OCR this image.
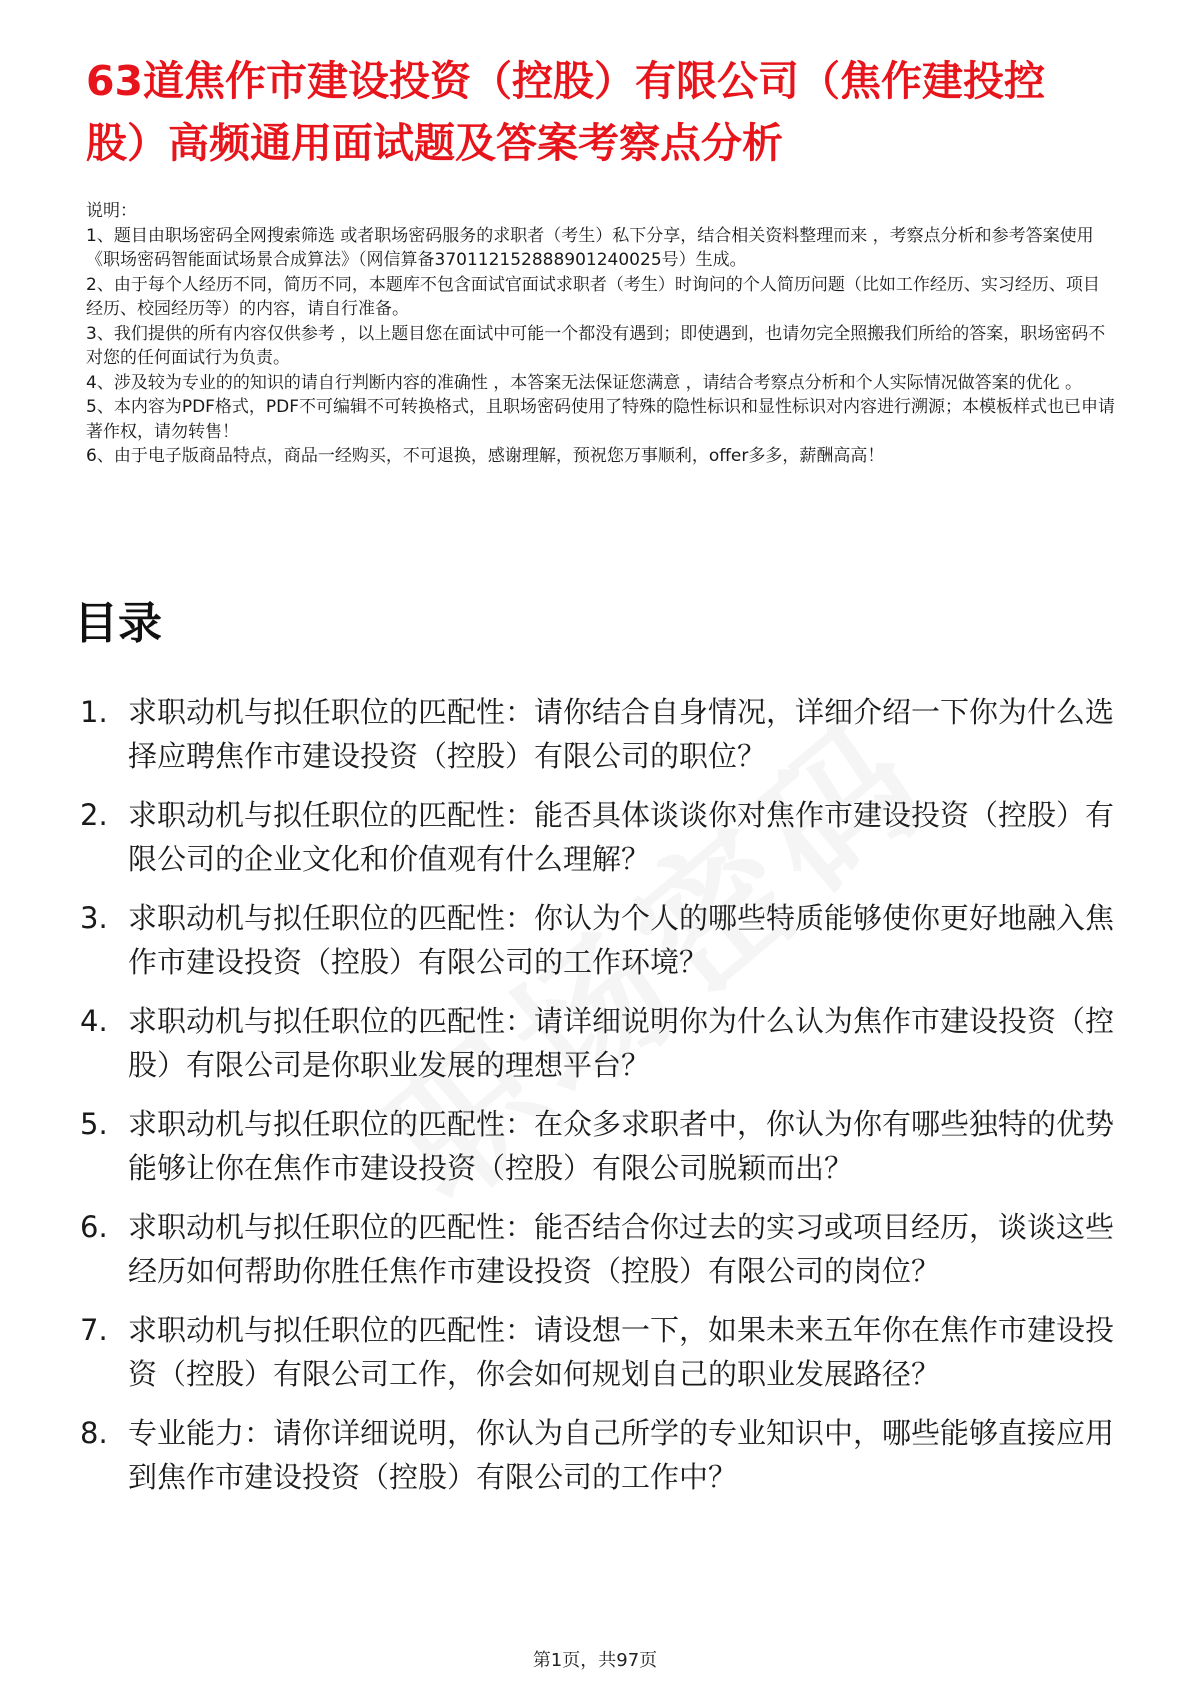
63道焦作市建设投资（控股）有限公司（焦作建投控股）高频通用面试题及答案考察点分析

说明：

1、题目由职场密码全网搜索筛选 或者职场密码服务的求职者（考生）私下分享，结合相关资料整理而来 ，考察点分析和参考答案使用《职场密码智能面试场景合成算法》（网信算备370112152888901240025号）生成。

2、由于每个人经历不同，简历不同，本题库不包含面试官面试求职者（考生）时询问的个人简历问题（比如工作经历、实习经历、项目经历、校园经历等）的内容，请自行准备。

3、我们提供的所有内容仅供参考 ，以上题目您在面试中可能一个都没有遇到；即使遇到，也请勿完全照搬我们所给的答案，职场密码不对您的任何面试行为负责。

4、涉及较为专业的的知识的请自行判断内容的准确性 ，本答案无法保证您满意 ，请结合考察点分析和个人实际情况做答案的优化 。

5、本内容为PDF格式，PDF不可编辑不可转换格式，且职场密码使用了特殊的隐性标识和显性标识对内容进行溯源；本模板样式也已申请著作权，请勿转售！

6、由于电子版商品特点，商品一经购买，不可退换，感谢理解，预祝您万事顺利，offer多多，薪酬高高！

目录
1. 求职动机与拟任职位的匹配性：请你结合自身情况，详细介绍一下你为什么选择应聘焦作市建设投资（控股）有限公司的职位？
2. 求职动机与拟任职位的匹配性：能否具体谈谈你对焦作市建设投资（控股）有限公司的企业文化和价值观有什么理解？
3. 求职动机与拟任职位的匹配性：你认为个人的哪些特质能够使你更好地融入焦作市建设投资（控股）有限公司的工作环境？
4. 求职动机与拟任职位的匹配性：请详细说明你为什么认为焦作市建设投资（控股）有限公司是你职业发展的理想平台？
5. 求职动机与拟任职位的匹配性：在众多求职者中，你认为你有哪些独特的优势能够让你在焦作市建设投资（控股）有限公司脱颖而出？
6. 求职动机与拟任职位的匹配性：能否结合你过去的实习或项目经历，谈谈这些经历如何帮助你胜任焦作市建设投资（控股）有限公司的岗位？
7. 求职动机与拟任职位的匹配性：请设想一下，如果未来五年你在焦作市建设投资（控股）有限公司工作，你会如何规划自己的职业发展路径？
8. 专业能力：请你详细说明，你认为自己所学的专业知识中，哪些能够直接应用到焦作市建设投资（控股）有限公司的工作中？
第1页，共97页
